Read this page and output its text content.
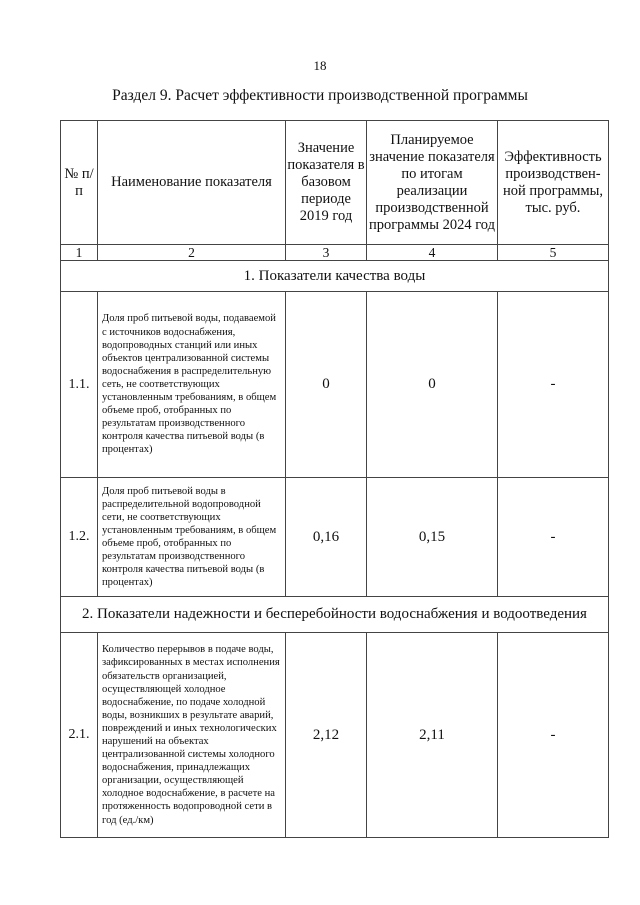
18
Раздел 9. Расчет эффективности производственной программы
№ п/п	Наименование показателя	Значение показателя в базовом периоде 2019 год	Планируемое значение показателя по итогам реализации производственной программы 2024 год	Эффективность производствен-ной программы, тыс. руб.
1	2	3	4	5
1. Показатели качества воды				
1.1.	Доля проб питьевой воды, подаваемой с источников водоснабжения, водопроводных станций или иных объектов централизованной системы водоснабжения в распределительную сеть, не соответствующих установленным требованиям, в общем объеме проб, отобранных по результатам производственного контроля качества питьевой воды (в процентах)	0	0	-
1.2.	Доля проб питьевой воды в распределительной водопроводной сети, не соответствующих установленным требованиям, в общем объеме проб, отобранных по результатам производственного контроля качества питьевой воды (в процентах)	0,16	0,15	-
2. Показатели надежности и бесперебойности водоснабжения и водоотведения				
2.1.	Количество перерывов в подаче воды, зафиксированных в местах исполнения обязательств организацией, осуществляющей холодное водоснабжение, по подаче холодной воды, возникших в результате аварий, повреждений и иных технологических нарушений на объектах централизованной системы холодного водоснабжения, принадлежащих организации, осуществляющей холодное водоснабжение, в расчете на протяженность водопроводной сети в год (ед./км)	2,12	2,11	-
